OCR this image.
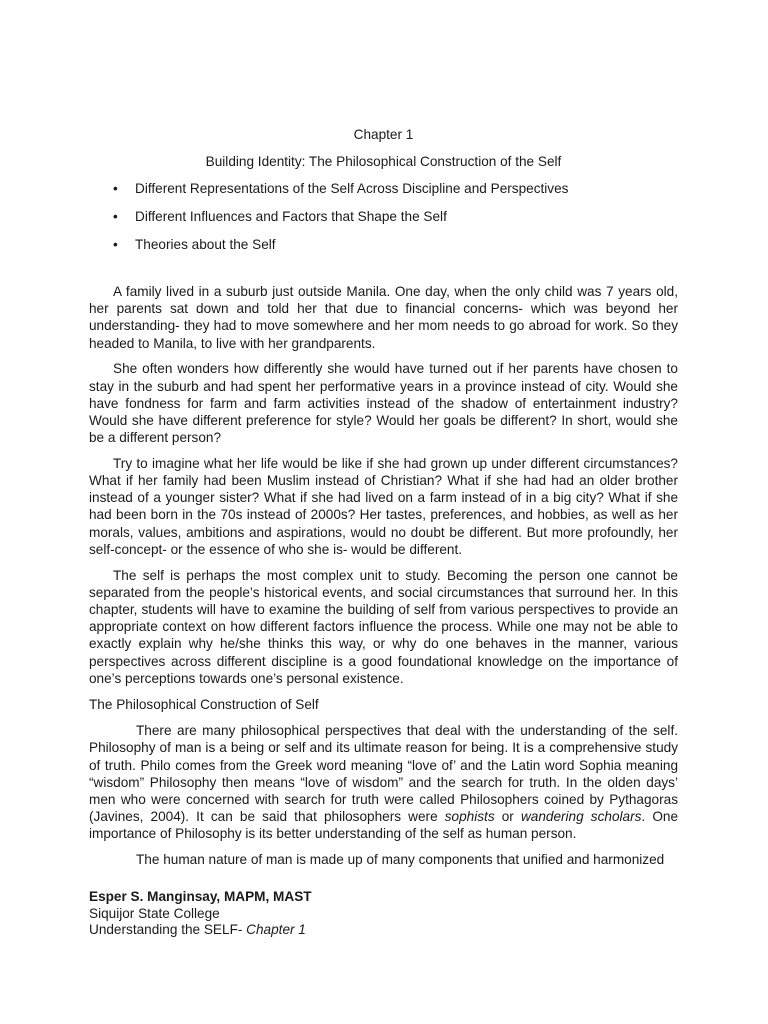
Chapter 1
Building Identity: The Philosophical Construction of the Self
• Different Representations of the Self Across Discipline and Perspectives
• Different Influences and Factors that Shape the Self
• Theories about the Self

A family lived in a suburb just outside Manila. One day, when the only child was 7 years old, her parents sat down and told her that due to financial concerns- which was beyond her understanding- they had to move somewhere and her mom needs to go abroad for work. So they headed to Manila, to live with her grandparents.

She often wonders how differently she would have turned out if her parents have chosen to stay in the suburb and had spent her performative years in a province instead of city. Would she have fondness for farm and farm activities instead of the shadow of entertainment industry? Would she have different preference for style? Would her goals be different? In short, would she be a different person?

Try to imagine what her life would be like if she had grown up under different circumstances? What if her family had been Muslim instead of Christian? What if she had had an older brother instead of a younger sister? What if she had lived on a farm instead of in a big city? What if she had been born in the 70s instead of 2000s? Her tastes, preferences, and hobbies, as well as her morals, values, ambitions and aspirations, would no doubt be different. But more profoundly, her self-concept- or the essence of who she is- would be different.

The self is perhaps the most complex unit to study. Becoming the person one cannot be separated from the people’s historical events, and social circumstances that surround her. In this chapter, students will have to examine the building of self from various perspectives to provide an appropriate context on how different factors influence the process. While one may not be able to exactly explain why he/she thinks this way, or why do one behaves in the manner, various perspectives across different discipline is a good foundational knowledge on the importance of one’s perceptions towards one’s personal existence.

The Philosophical Construction of Self

There are many philosophical perspectives that deal with the understanding of the self. Philosophy of man is a being or self and its ultimate reason for being. It is a comprehensive study of truth. Philo comes from the Greek word meaning “love of’ and the Latin word Sophia meaning “wisdom” Philosophy then means “love of wisdom” and the search for truth. In the olden days’ men who were concerned with search for truth were called Philosophers coined by Pythagoras (Javines, 2004). It can be said that philosophers were sophists or wandering scholars. One importance of Philosophy is its better understanding of the self as human person.

The human nature of man is made up of many components that unified and harmonized

Esper S. Manginsay, MAPM, MAST
Siquijor State College
Understanding the SELF- Chapter 1
